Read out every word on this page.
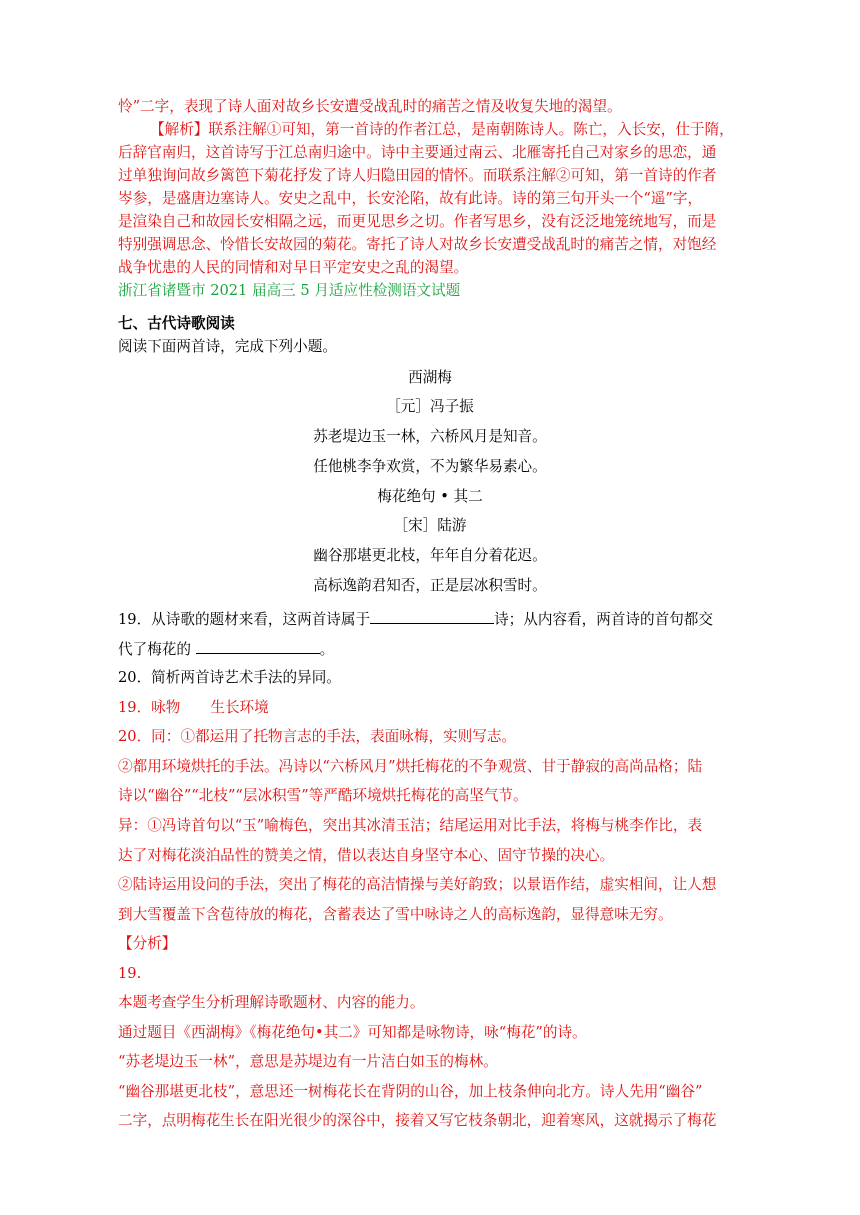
怜”二字，表现了诗人面对故乡长安遭受战乱时的痛苦之情及收复失地的渴望。
【解析】联系注解①可知，第一首诗的作者江总，是南朝陈诗人。陈亡，入长安，仕于隋，
后辞官南归，这首诗写于江总南归途中。诗中主要通过南云、北雁寄托自己对家乡的思恋，通
过单独询问故乡篱笆下菊花抒发了诗人归隐田园的情怀。而联系注解②可知，第一首诗的作者
岑参，是盛唐边塞诗人。安史之乱中，长安沦陷，故有此诗。诗的第三句开头一个“遥”字，
是渲染自己和故园长安相隔之远，而更见思乡之切。作者写思乡，没有泛泛地笼统地写，而是
特别强调思念、怜惜长安故园的菊花。寄托了诗人对故乡长安遭受战乱时的痛苦之情，对饱经
战争忧患的人民的同情和对早日平定安史之乱的渴望。
浙江省诸暨市 2021 届高三 5 月适应性检测语文试题
七、古代诗歌阅读
阅读下面两首诗，完成下列小题。
西湖梅
［元］冯子振
苏老堤边玉一林，六桥风月是知音。
任他桃李争欢赏，不为繁华易素心。
梅花绝句 • 其二
［宋］陆游
幽谷那堪更北枝，年年自分着花迟。
高标逸韵君知否，正是层冰积雪时。
19．从诗歌的题材来看，这两首诗属于	诗；从内容看，两首诗的首句都交
代了梅花的	。
20．简析两首诗艺术手法的异同。
19．咏物 生长环境
20．同：①都运用了托物言志的手法，表面咏梅，实则写志。
②都用环境烘托的手法。冯诗以“六桥风月”烘托梅花的不争观赏、甘于静寂的高尚品格；陆
诗以“幽谷”“北枝”“层冰积雪”等严酷环境烘托梅花的高坚气节。
异：①冯诗首句以“玉”喻梅色，突出其冰清玉洁；结尾运用对比手法，将梅与桃李作比，表
达了对梅花淡泊品性的赞美之情，借以表达自身坚守本心、固守节操的决心。
②陆诗运用设问的手法，突出了梅花的高洁情操与美好韵致；以景语作结，虚实相间，让人想
到大雪覆盖下含苞待放的梅花，含蓄表达了雪中咏诗之人的高标逸韵，显得意味无穷。
【分析】
19.
本题考查学生分析理解诗歌题材、内容的能力。
通过题目《西湖梅》《梅花绝句•其二》可知都是咏物诗，咏“梅花”的诗。
“苏老堤边玉一林”，意思是苏堤边有一片洁白如玉的梅林。
“幽谷那堪更北枝”，意思还一树梅花长在背阴的山谷，加上枝条伸向北方。诗人先用“幽谷”
二字，点明梅花生长在阳光很少的深谷中，接着又写它枝条朝北，迎着寒风，这就揭示了梅花
